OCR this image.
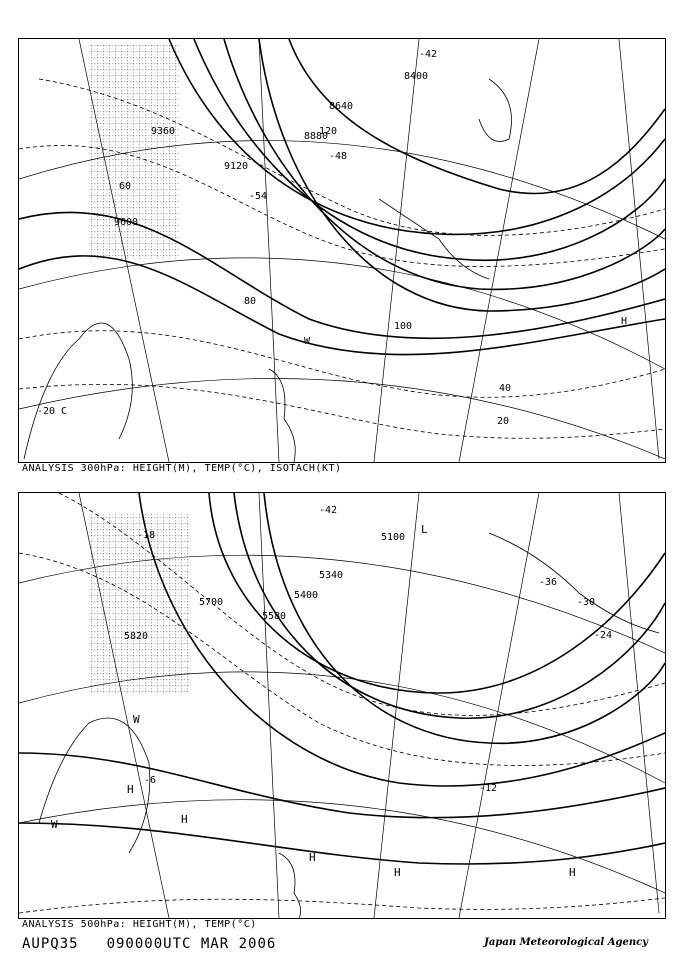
8400
8640
8880
9120
9360
9600
20
40
60
80
100
120
-20
-42
-48
-54
W
C
H
ANALYSIS 300hPa: HEIGHT(M), TEMP(°C), ISOTACH(KT)
5100
5340
5400
5580
5700
5820
-42
-36
-30
-24
-18
-12
-6
L
H
H	H
H
H
W
W
ANALYSIS 500hPa: HEIGHT(M), TEMP(°C)
AUPQ35 090000UTC MAR 2006	Japan Meteorological Agency
